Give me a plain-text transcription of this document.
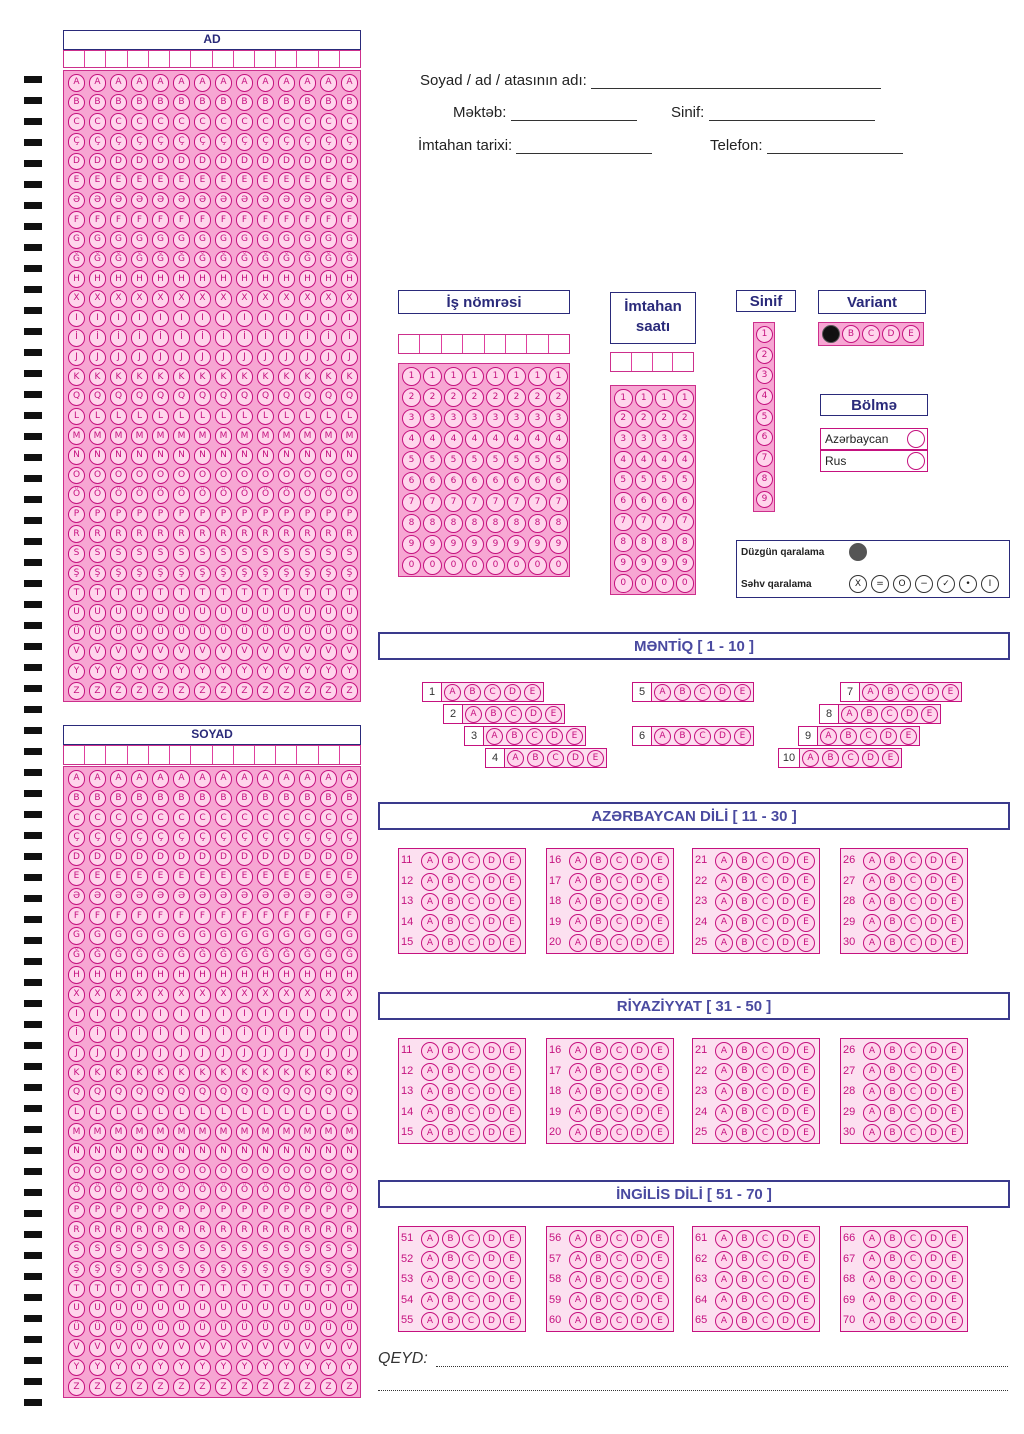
AD
A	A	A	A	A	A	A	A	A	A	A	A	A	A
B	B	B	B	B	B	B	B	B	B	B	B	B	B
C	C	C	C	C	C	C	C	C	C	C	C	C	C
Ç	Ç	Ç	Ç	Ç	Ç	Ç	Ç	Ç	Ç	Ç	Ç	Ç	Ç
D	D	D	D	D	D	D	D	D	D	D	D	D	D
E	E	E	E	E	E	E	E	E	E	E	E	E	E
Ə	Ə	Ə	Ə	Ə	Ə	Ə	Ə	Ə	Ə	Ə	Ə	Ə	Ə
F	F	F	F	F	F	F	F	F	F	F	F	F	F
G	G	G	G	G	G	G	G	G	G	G	G	G	G
Ğ	Ğ	Ğ	Ğ	Ğ	Ğ	Ğ	Ğ	Ğ	Ğ	Ğ	Ğ	Ğ	Ğ
H	H	H	H	H	H	H	H	H	H	H	H	H	H
X	X	X	X	X	X	X	X	X	X	X	X	X	X
I	I	I	I	I	I	I	I	I	I	I	I	I	I
İ	İ	İ	İ	İ	İ	İ	İ	İ	İ	İ	İ	İ	İ
J	J	J	J	J	J	J	J	J	J	J	J	J	J
K	K	K	K	K	K	K	K	K	K	K	K	K	K
Q	Q	Q	Q	Q	Q	Q	Q	Q	Q	Q	Q	Q	Q
L	L	L	L	L	L	L	L	L	L	L	L	L	L
M	M	M	M	M	M	M	M	M	M	M	M	M	M
N	N	N	N	N	N	N	N	N	N	N	N	N	N
O	O	O	O	O	O	O	O	O	O	O	O	O	O
Ö	Ö	Ö	Ö	Ö	Ö	Ö	Ö	Ö	Ö	Ö	Ö	Ö	Ö
P	P	P	P	P	P	P	P	P	P	P	P	P	P
R	R	R	R	R	R	R	R	R	R	R	R	R	R
S	S	S	S	S	S	S	S	S	S	S	S	S	S
Ş	Ş	Ş	Ş	Ş	Ş	Ş	Ş	Ş	Ş	Ş	Ş	Ş	Ş
T	T	T	T	T	T	T	T	T	T	T	T	T	T
U	U	U	U	U	U	U	U	U	U	U	U	U	U
Ü	Ü	Ü	Ü	Ü	Ü	Ü	Ü	Ü	Ü	Ü	Ü	Ü	Ü
V	V	V	V	V	V	V	V	V	V	V	V	V	V
Y	Y	Y	Y	Y	Y	Y	Y	Y	Y	Y	Y	Y	Y
Z	Z	Z	Z	Z	Z	Z	Z	Z	Z	Z	Z	Z	Z
SOYAD
A	A	A	A	A	A	A	A	A	A	A	A	A	A
B	B	B	B	B	B	B	B	B	B	B	B	B	B
C	C	C	C	C	C	C	C	C	C	C	C	C	C
Ç	Ç	Ç	Ç	Ç	Ç	Ç	Ç	Ç	Ç	Ç	Ç	Ç	Ç
D	D	D	D	D	D	D	D	D	D	D	D	D	D
E	E	E	E	E	E	E	E	E	E	E	E	E	E
Ə	Ə	Ə	Ə	Ə	Ə	Ə	Ə	Ə	Ə	Ə	Ə	Ə	Ə
F	F	F	F	F	F	F	F	F	F	F	F	F	F
G	G	G	G	G	G	G	G	G	G	G	G	G	G
Ğ	Ğ	Ğ	Ğ	Ğ	Ğ	Ğ	Ğ	Ğ	Ğ	Ğ	Ğ	Ğ	Ğ
H	H	H	H	H	H	H	H	H	H	H	H	H	H
X	X	X	X	X	X	X	X	X	X	X	X	X	X
I	I	I	I	I	I	I	I	I	I	I	I	I	I
İ	İ	İ	İ	İ	İ	İ	İ	İ	İ	İ	İ	İ	İ
J	J	J	J	J	J	J	J	J	J	J	J	J	J
K	K	K	K	K	K	K	K	K	K	K	K	K	K
Q	Q	Q	Q	Q	Q	Q	Q	Q	Q	Q	Q	Q	Q
L	L	L	L	L	L	L	L	L	L	L	L	L	L
M	M	M	M	M	M	M	M	M	M	M	M	M	M
N	N	N	N	N	N	N	N	N	N	N	N	N	N
O	O	O	O	O	O	O	O	O	O	O	O	O	O
Ö	Ö	Ö	Ö	Ö	Ö	Ö	Ö	Ö	Ö	Ö	Ö	Ö	Ö
P	P	P	P	P	P	P	P	P	P	P	P	P	P
R	R	R	R	R	R	R	R	R	R	R	R	R	R
S	S	S	S	S	S	S	S	S	S	S	S	S	S
Ş	Ş	Ş	Ş	Ş	Ş	Ş	Ş	Ş	Ş	Ş	Ş	Ş	Ş
T	T	T	T	T	T	T	T	T	T	T	T	T	T
U	U	U	U	U	U	U	U	U	U	U	U	U	U
Ü	Ü	Ü	Ü	Ü	Ü	Ü	Ü	Ü	Ü	Ü	Ü	Ü	Ü
V	V	V	V	V	V	V	V	V	V	V	V	V	V
Y	Y	Y	Y	Y	Y	Y	Y	Y	Y	Y	Y	Y	Y
Z	Z	Z	Z	Z	Z	Z	Z	Z	Z	Z	Z	Z	Z
Soyad / ad / atasının adı:
Məktəb:	Sinif:
İmtahan tarixi:	Telefon:
İş nömrəsi
1	1	1	1	1	1	1	1
2	2	2	2	2	2	2	2
3	3	3	3	3	3	3	3
4	4	4	4	4	4	4	4
5	5	5	5	5	5	5	5
6	6	6	6	6	6	6	6
7	7	7	7	7	7	7	7
8	8	8	8	8	8	8	8
9	9	9	9	9	9	9	9
0	0	0	0	0	0	0	0
İmtahan
saatı
1	1	1	1
2	2	2	2
3	3	3	3
4	4	4	4
5	5	5	5
6	6	6	6
7	7	7	7
8	8	8	8
9	9	9	9
0	0	0	0
Sinif
1
2
3
4
5
6
7
8
9
Variant
A	B	C	D	E
Bölmə
Azərbaycan
Rus
Düzgün qaralama
Səhv qaralama	X	=	O	−	✓	•	I
MƏNTİQ [ 1 - 10 ]
1	A	B	C	D	E
2	A	B	C	D	E
3	A	B	C	D	E
4	A	B	C	D	E
5	A	B	C	D	E
6	A	B	C	D	E
7	A	B	C	D	E
8	A	B	C	D	E
9	A	B	C	D	E
10	A	B	C	D	E
AZƏRBAYCAN DİLİ [ 11 - 30 ]
11	A	B	C	D	E
12	A	B	C	D	E
13	A	B	C	D	E
14	A	B	C	D	E
15	A	B	C	D	E
16	A	B	C	D	E
17	A	B	C	D	E
18	A	B	C	D	E
19	A	B	C	D	E
20	A	B	C	D	E
21	A	B	C	D	E
22	A	B	C	D	E
23	A	B	C	D	E
24	A	B	C	D	E
25	A	B	C	D	E
26	A	B	C	D	E
27	A	B	C	D	E
28	A	B	C	D	E
29	A	B	C	D	E
30	A	B	C	D	E
RİYAZİYYAT [ 31 - 50 ]
11	A	B	C	D	E
12	A	B	C	D	E
13	A	B	C	D	E
14	A	B	C	D	E
15	A	B	C	D	E
16	A	B	C	D	E
17	A	B	C	D	E
18	A	B	C	D	E
19	A	B	C	D	E
20	A	B	C	D	E
21	A	B	C	D	E
22	A	B	C	D	E
23	A	B	C	D	E
24	A	B	C	D	E
25	A	B	C	D	E
26	A	B	C	D	E
27	A	B	C	D	E
28	A	B	C	D	E
29	A	B	C	D	E
30	A	B	C	D	E
İNGİLİS DİLİ [ 51 - 70 ]
51	A	B	C	D	E
52	A	B	C	D	E
53	A	B	C	D	E
54	A	B	C	D	E
55	A	B	C	D	E
56	A	B	C	D	E
57	A	B	C	D	E
58	A	B	C	D	E
59	A	B	C	D	E
60	A	B	C	D	E
61	A	B	C	D	E
62	A	B	C	D	E
63	A	B	C	D	E
64	A	B	C	D	E
65	A	B	C	D	E
66	A	B	C	D	E
67	A	B	C	D	E
68	A	B	C	D	E
69	A	B	C	D	E
70	A	B	C	D	E
QEYD:
